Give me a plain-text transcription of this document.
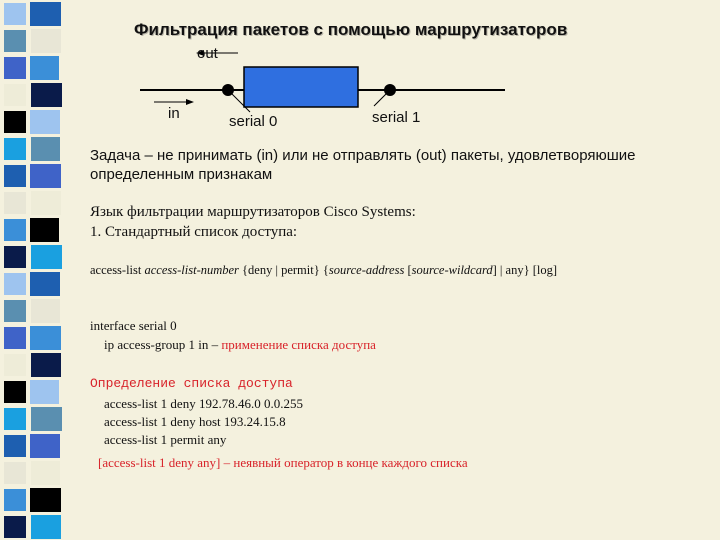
Фильтрация пакетов с помощью маршрутизаторов
out
in	serial 0	serial 1
Задача – не принимать (in) или не отправлять (out) пакеты, удовлетворяюшие определенным признакам
Язык фильтрации маршрутизаторов Cisco Systems:
1. Стандартный список доступа:
access-list access-list-number {deny | permit} {source-address [source-wildcard] | any} [log]
interface serial 0
ip access-group 1 in – применение списка доступа
Определение списка доступа
access-list 1 deny 192.78.46.0 0.0.255
access-list 1 deny host 193.24.15.8
access-list 1 permit any
[access-list 1 deny any] – неявный оператор в конце каждого списка
